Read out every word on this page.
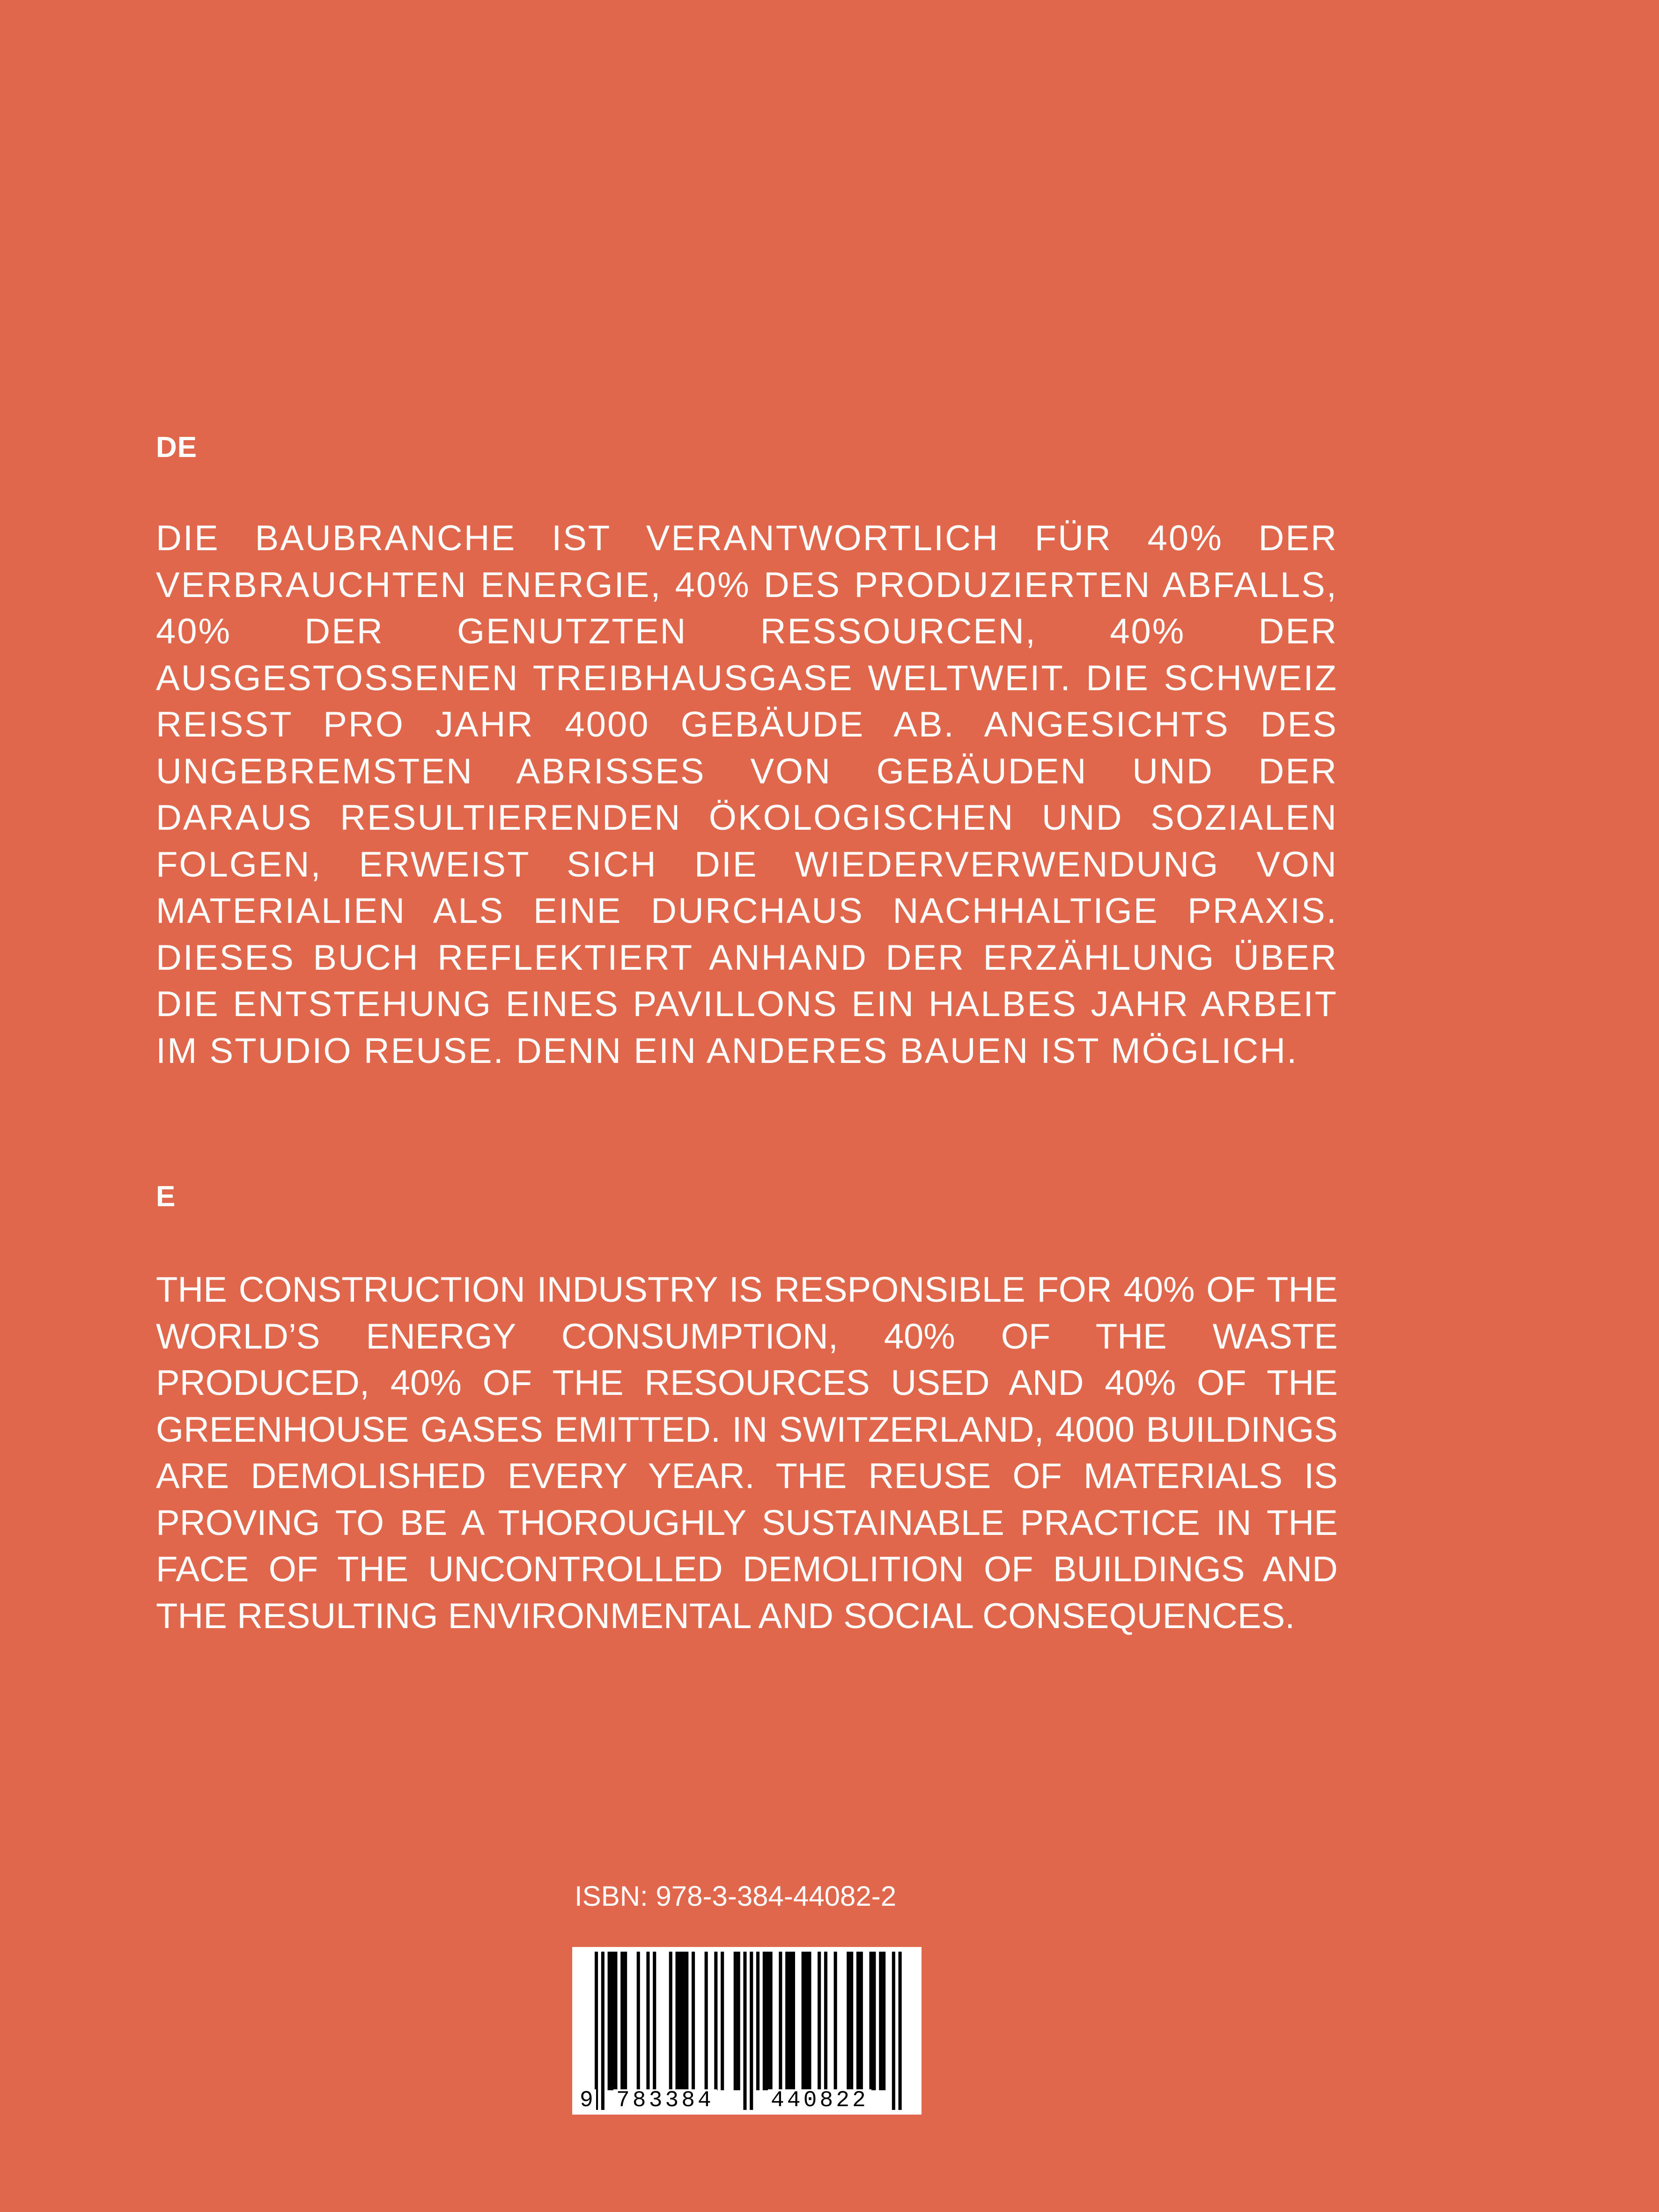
DE

DIE BAUBRANCHE IST VERANTWORTLICH FÜR 40% DER VERBRAUCHTEN ENERGIE, 40% DES PRODUZIERTEN ABFALLS, 40% DER GENUTZTEN RESSOURCEN, 40% DER AUSGESTOSSENEN TREIBHAUSGASE WELTWEIT. DIE SCHWEIZ REISST PRO JAHR 4000 GEBÄUDE AB. ANGESICHTS DES UNGEBREMSTEN ABRISSES VON GEBÄUDEN UND DER DARAUS RESULTIERENDEN ÖKOLOGISCHEN UND SOZIALEN FOLGEN, ERWEIST SICH DIE WIEDERVERWENDUNG VON MATERIALIEN ALS EINE DURCHAUS NACHHALTIGE PRAXIS. DIESES BUCH REFLEKTIERT ANHAND DER ERZÄHLUNG ÜBER DIE ENTSTEHUNG EINES PAVILLONS EIN HALBES JAHR ARBEIT IM STUDIO REUSE. DENN EIN ANDERES BAUEN IST MÖGLICH.

E

THE CONSTRUCTION INDUSTRY IS RESPONSIBLE FOR 40% OF THE WORLD’S ENERGY CONSUMPTION, 40% OF THE WASTE PRODUCED, 40% OF THE RESOURCES USED AND 40% OF THE GREENHOUSE GASES EMITTED. IN SWITZERLAND, 4000 BUILDINGS ARE DEMOLISHED EVERY YEAR. THE REUSE OF MATERIALS IS PROVING TO BE A THOROUGHLY SUSTAINABLE PRACTICE IN THE FACE OF THE UNCONTROLLED DEMOLITION OF BUILDINGS AND THE RESULTING ENVIRONMENTAL AND SOCIAL CONSEQUENCES.

ISBN: 978-3-384-44082-2
9 783384	440822
